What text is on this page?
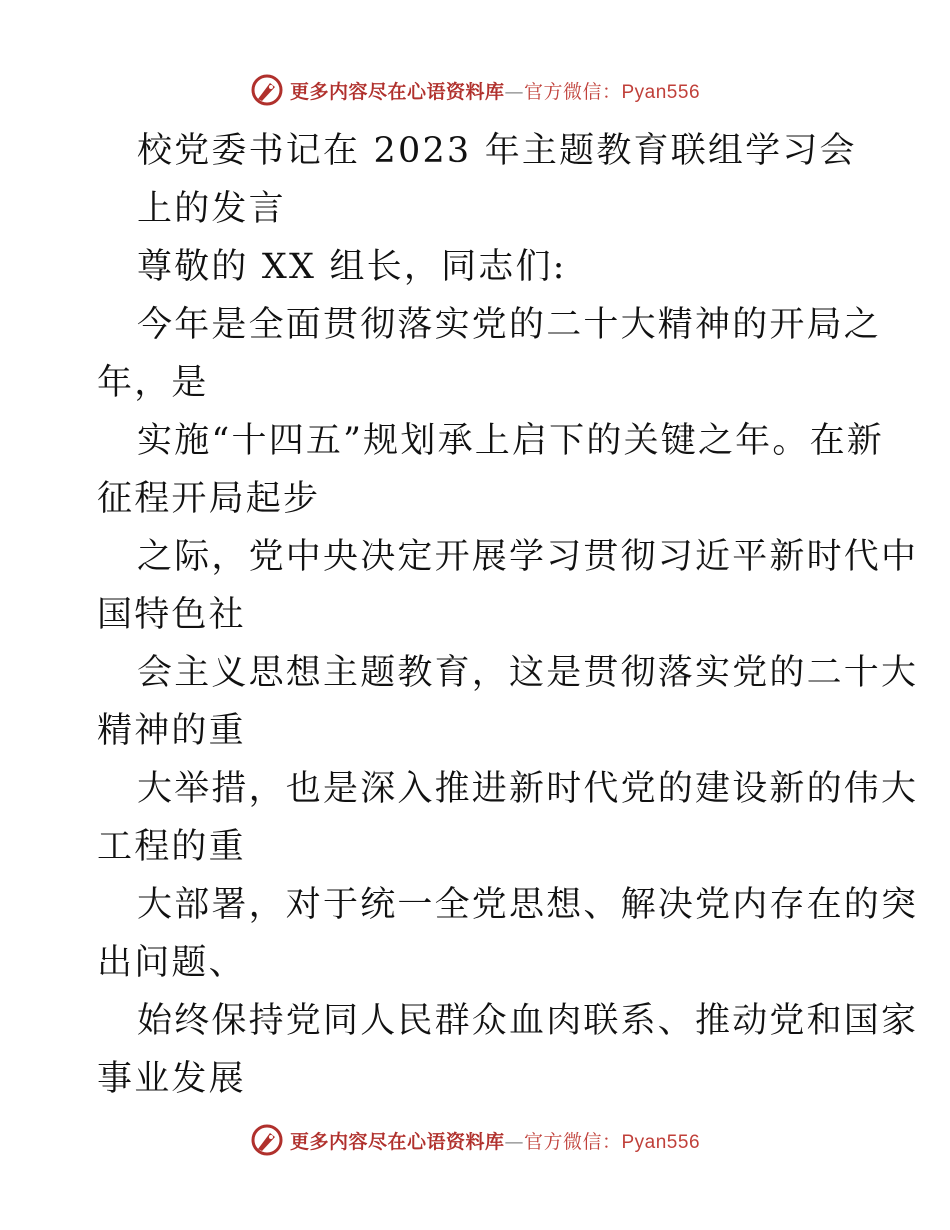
更多内容尽在心语资料库—官方微信：Pyan556
校党委书记在 2023 年主题教育联组学习会
上的发言
尊敬的 XX 组长，同志们:
今年是全面贯彻落实党的二十大精神的开局之
年，是
实施“十四五”规划承上启下的关键之年。在新
征程开局起步
之际，党中央决定开展学习贯彻习近平新时代中
国特色社
会主义思想主题教育，这是贯彻落实党的二十大
精神的重
大举措，也是深入推进新时代党的建设新的伟大
工程的重
大部署，对于统一全党思想、解决党内存在的突
出问题、
始终保持党同人民群众血肉联系、推动党和国家
事业发展
更多内容尽在心语资料库—官方微信：Pyan556
